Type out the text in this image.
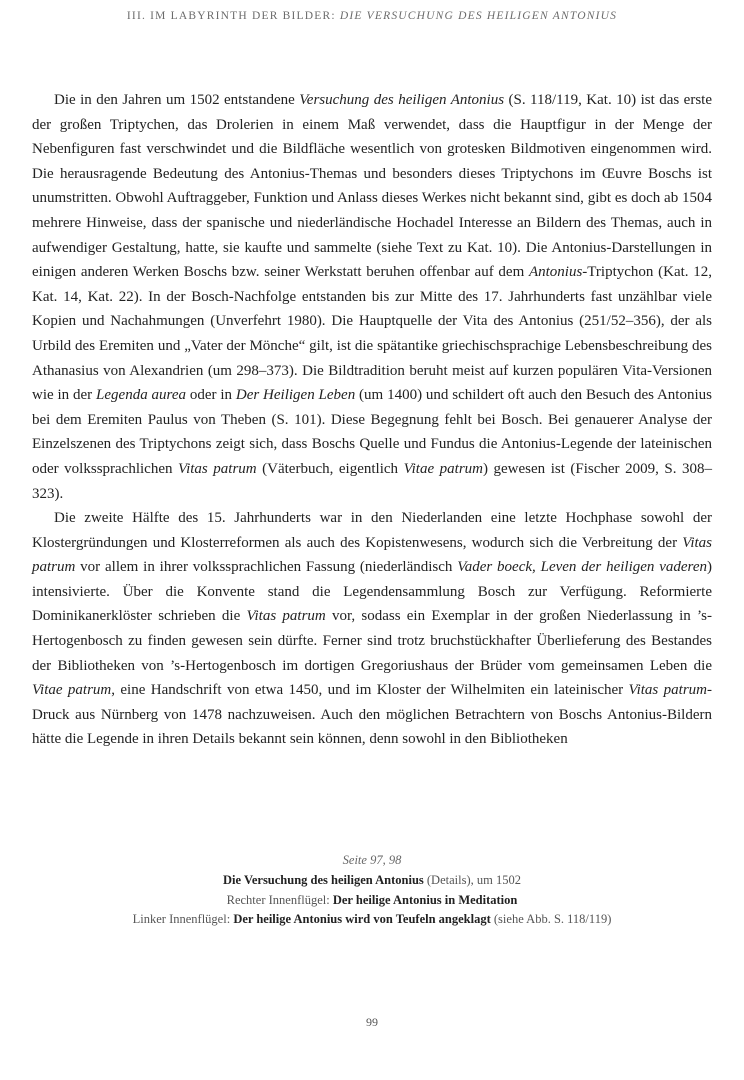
III. IM LABYRINTH DER BILDER: DIE VERSUCHUNG DES HEILIGEN ANTONIUS

Die in den Jahren um 1502 entstandene Versuchung des heiligen Antonius (S. 118/119, Kat. 10) ist das erste der großen Triptychen, das Drolerien in einem Maß verwendet, dass die Hauptfigur in der Menge der Nebenfiguren fast verschwindet und die Bildfläche wesentlich von grotesken Bildmotiven eingenommen wird. Die herausragende Bedeutung des Antonius-Themas und besonders dieses Triptychons im Œuvre Boschs ist unumstritten. Obwohl Auftraggeber, Funktion und Anlass dieses Werkes nicht bekannt sind, gibt es doch ab 1504 mehrere Hinweise, dass der spanische und niederländische Hochadel Interesse an Bildern des Themas, auch in aufwendiger Gestaltung, hatte, sie kaufte und sammelte (siehe Text zu Kat. 10). Die Antonius-Darstellungen in einigen anderen Werken Boschs bzw. seiner Werkstatt beruhen offenbar auf dem Antonius-Triptychon (Kat. 12, Kat. 14, Kat. 22). In der Bosch-Nachfolge entstanden bis zur Mitte des 17. Jahrhunderts fast unzählbar viele Kopien und Nachahmungen (Unverfehrt 1980). Die Hauptquelle der Vita des Antonius (251/52–356), der als Urbild des Eremiten und „Vater der Mönche“ gilt, ist die spätantike griechischsprachige Lebensbeschreibung des Athanasius von Alexandrien (um 298–373). Die Bildtradition beruht meist auf kurzen populären Vita-Versionen wie in der Legenda aurea oder in Der Heiligen Leben (um 1400) und schildert oft auch den Besuch des Antonius bei dem Eremiten Paulus von Theben (S. 101). Diese Begegnung fehlt bei Bosch. Bei genauerer Analyse der Einzelszenen des Triptychons zeigt sich, dass Boschs Quelle und Fundus die Antonius-Legende der lateinischen oder volkssprachlichen Vitas patrum (Väterbuch, eigentlich Vitae patrum) gewesen ist (Fischer 2009, S. 308–323).

Die zweite Hälfte des 15. Jahrhunderts war in den Niederlanden eine letzte Hochphase sowohl der Klostergründungen und Klosterreformen als auch des Kopistenwesens, wodurch sich die Verbreitung der Vitas patrum vor allem in ihrer volkssprachlichen Fassung (niederländisch Vader boeck, Leven der heiligen vaderen) intensivierte. Über die Konvente stand die Legendensammlung Bosch zur Verfügung. Reformierte Dominikanerklöster schrieben die Vitas patrum vor, sodass ein Exemplar in der großen Niederlassung in ’s-Hertogenbosch zu finden gewesen sein dürfte. Ferner sind trotz bruchstückhafter Überlieferung des Bestandes der Bibliotheken von ’s-Hertogenbosch im dortigen Gregoriushaus der Brüder vom gemeinsamen Leben die Vitae patrum, eine Handschrift von etwa 1450, und im Kloster der Wilhelmiten ein lateinischer Vitas patrum-Druck aus Nürnberg von 1478 nachzuweisen. Auch den möglichen Betrachtern von Boschs Antonius-Bildern hätte die Legende in ihren Details bekannt sein können, denn sowohl in den Bibliotheken

Seite 97, 98
Die Versuchung des heiligen Antonius (Details), um 1502
Rechter Innenflügel: Der heilige Antonius in Meditation
Linker Innenflügel: Der heilige Antonius wird von Teufeln angeklagt (siehe Abb. S. 118/119)
99
